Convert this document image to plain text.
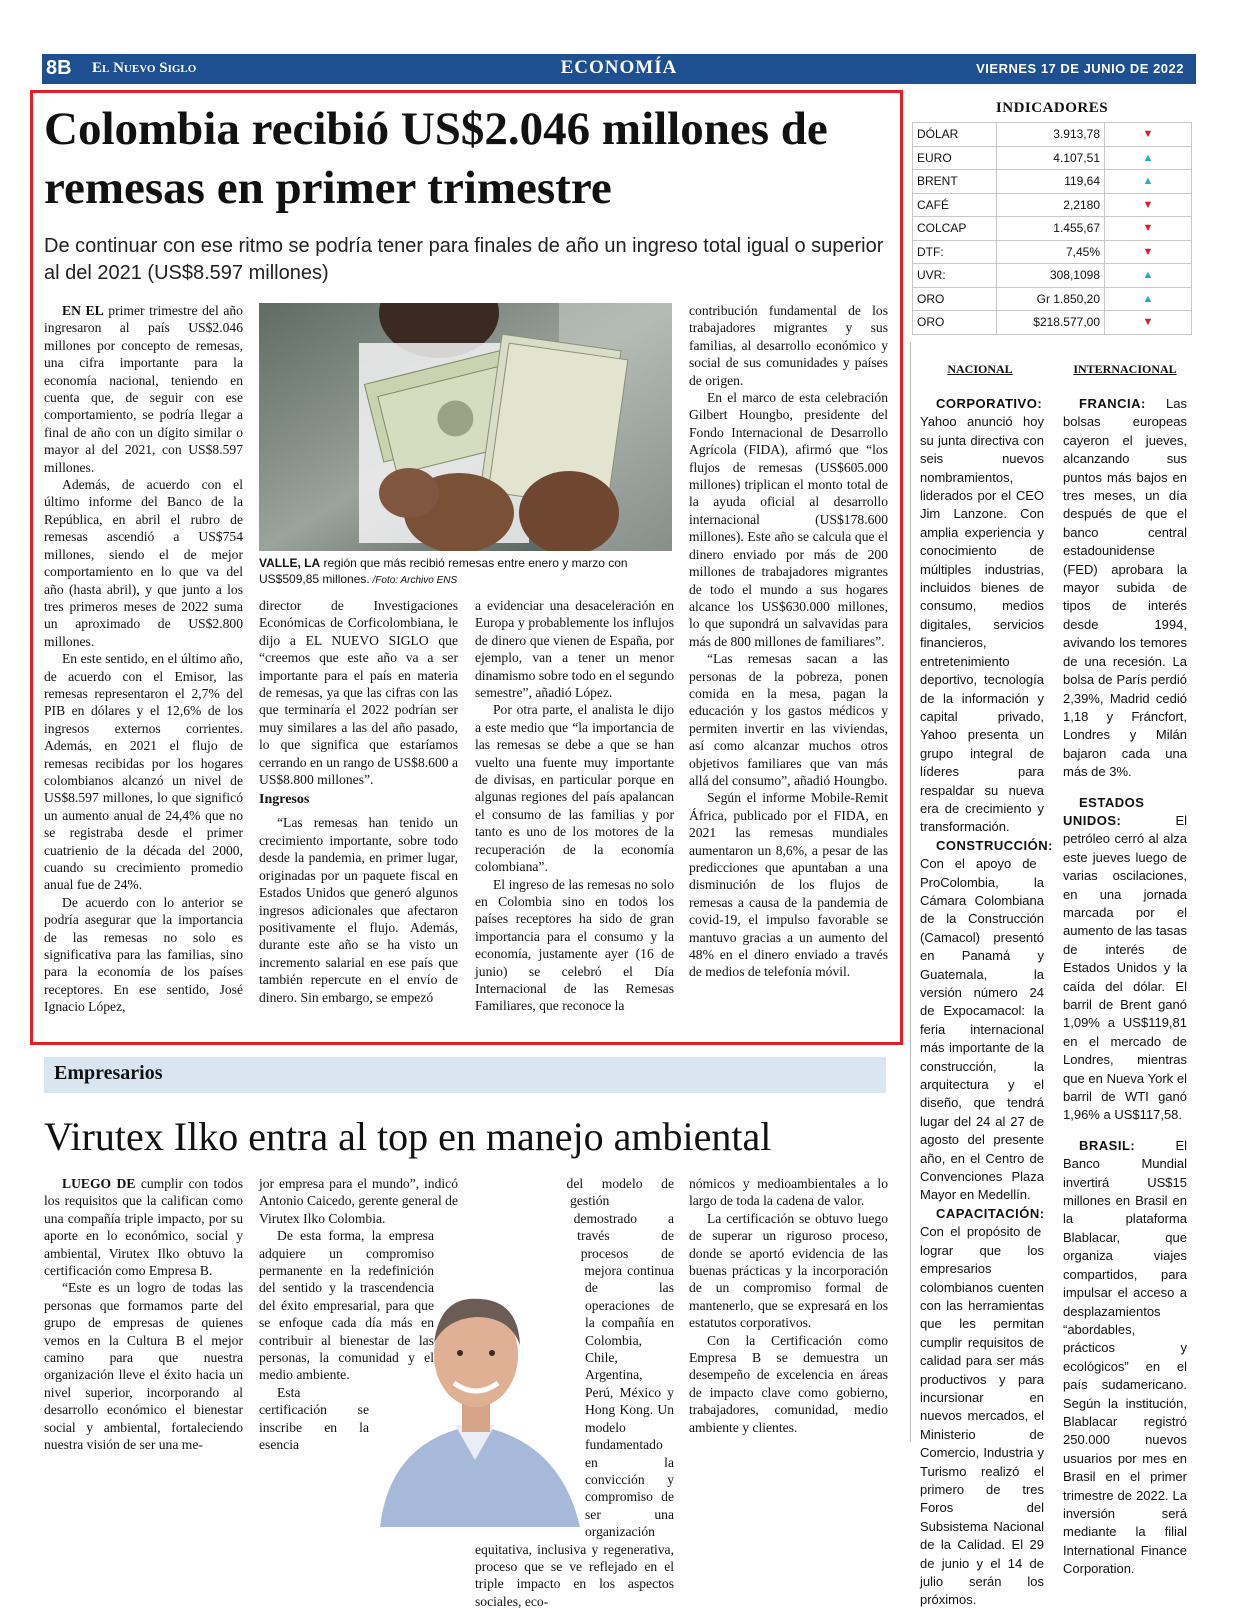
8B El Nuevo Siglo	ECONOMÍA	VIERNES 17 DE JUNIO DE 2022
Colombia recibió US$2.046 millones de remesas en primer trimestre
De continuar con ese ritmo se podría tener para finales de año un ingreso total igual o superior al del 2021 (US$8.597 millones)

EN EL primer trimestre del año ingresaron al país US$2.046 millones por concepto de remesas, una cifra importante para la economía nacional, teniendo en cuenta que, de seguir con ese comportamiento, se podría llegar a final de año con un dígito similar o mayor al del 2021, con US$8.597 millones.

Además, de acuerdo con el último informe del Banco de la República, en abril el rubro de remesas ascendió a US$754 millones, siendo el de mejor comportamiento en lo que va del año (hasta abril), y que junto a los tres primeros meses de 2022 suma un aproximado de US$2.800 millones.

En este sentido, en el último año, de acuerdo con el Emisor, las remesas representaron el 2,7% del PIB en dólares y el 12,6% de los ingresos externos corrientes. Además, en 2021 el flujo de remesas recibidas por los hogares colombianos alcanzó un nivel de US$8.597 millones, lo que significó un aumento anual de 24,4% que no se registraba desde el primer cuatrienio de la década del 2000, cuando su crecimiento promedio anual fue de 24%.

De acuerdo con lo anterior se podría asegurar que la importancia de las remesas no solo es significativa para las familias, sino para la economía de los países receptores. En ese sentido, José Ignacio López,

VALLE, LA región que más recibió remesas entre enero y marzo con US$509,85 millones. /Foto: Archivo ENS

director de Investigaciones Económicas de Corficolombiana, le dijo a EL NUEVO SIGLO que “creemos que este año va a ser importante para el país en materia de remesas, ya que las cifras con las que terminaría el 2022 podrían ser muy similares a las del año pasado, lo que significa que estaríamos cerrando en un rango de US$8.600 a US$8.800 millones”.

Ingresos

“Las remesas han tenido un crecimiento importante, sobre todo desde la pandemia, en primer lugar, originadas por un paquete fiscal en Estados Unidos que generó algunos ingresos adicionales que afectaron positivamente el flujo. Además, durante este año se ha visto un incremento salarial en ese país que también repercute en el envío de dinero. Sin embargo, se empezó

a evidenciar una desaceleración en Europa y probablemente los influjos de dinero que vienen de España, por ejemplo, van a tener un menor dinamismo sobre todo en el segundo semestre”, añadió López.

Por otra parte, el analista le dijo a este medio que “la importancia de las remesas se debe a que se han vuelto una fuente muy importante de divisas, en particular porque en algunas regiones del país apalancan el consumo de las familias y por tanto es uno de los motores de la recuperación de la economía colombiana”.

El ingreso de las remesas no solo en Colombia sino en todos los países receptores ha sido de gran importancia para el consumo y la economía, justamente ayer (16 de junio) se celebró el Día Internacional de las Remesas Familiares, que reconoce la

contribución fundamental de los trabajadores migrantes y sus familias, al desarrollo económico y social de sus comunidades y países de origen.

En el marco de esta celebración Gilbert Houngbo, presidente del Fondo Internacional de Desarrollo Agrícola (FIDA), afirmó que “los flujos de remesas (US$605.000 millones) triplican el monto total de la ayuda oficial al desarrollo internacional (US$178.600 millones). Este año se calcula que el dinero enviado por más de 200 millones de trabajadores migrantes de todo el mundo a sus hogares alcance los US$630.000 millones, lo que supondrá un salvavidas para más de 800 millones de familiares”.

“Las remesas sacan a las personas de la pobreza, ponen comida en la mesa, pagan la educación y los gastos médicos y permiten invertir en las viviendas, así como alcanzar muchos otros objetivos familiares que van más allá del consumo”, añadió Houngbo.

Según el informe Mobile-Remit África, publicado por el FIDA, en 2021 las remesas mundiales aumentaron un 8,6%, a pesar de las predicciones que apuntaban a una disminución de los flujos de remesas a causa de la pandemia de covid-19, el impulso favorable se mantuvo gracias a un aumento del 48% en el dinero enviado a través de medios de telefonía móvil.

INDICADORES
DÓLAR	3.913,78	▼
EURO	4.107,51	▲
BRENT	119,64	▲
CAFÉ	2,2180	▼
COLCAP	1.455,67	▼
DTF:	7,45%	▼
UVR:	308,1098	▲
ORO	Gr 1.850,20	▲
ORO	$218.577,00	▼
NACIONAL

CORPORATIVO: Yahoo anunció hoy su junta directiva con seis nuevos nombramientos, liderados por el CEO Jim Lanzone. Con amplia experiencia y conocimiento de múltiples industrias, incluidos bienes de consumo, medios digitales, servicios financieros, entretenimiento deportivo, tecnología de la información y capital privado, Yahoo presenta un grupo integral de líderes para respaldar su nueva era de crecimiento y transformación.

CONSTRUCCIÓN: Con el apoyo de ProColombia, la Cámara Colombiana de la Construcción (Camacol) presentó en Panamá y Guatemala, la versión número 24 de Expocamacol: la feria internacional más importante de la construcción, la arquitectura y el diseño, que tendrá lugar del 24 al 27 de agosto del presente año, en el Centro de Convenciones Plaza Mayor en Medellín.

CAPACITACIÓN: Con el propósito de lograr que los empresarios colombianos cuenten con las herramientas que les permitan cumplir requisitos de calidad para ser más productivos y para incursionar en nuevos mercados, el Ministerio de Comercio, Industria y Turismo realizó el primero de tres Foros del Subsistema Nacional de la Calidad. El 29 de junio y el 14 de julio serán los próximos.

INTERNACIONAL

FRANCIA: Las bolsas europeas cayeron el jueves, alcanzando sus puntos más bajos en tres meses, un día después de que el banco central estadounidense (FED) aprobara la mayor subida de tipos de interés desde 1994, avivando los temores de una recesión. La bolsa de París perdió 2,39%, Madrid cedió 1,18 y Fráncfort, Londres y Milán bajaron cada una más de 3%.

ESTADOS UNIDOS: El petróleo cerró al alza este jueves luego de varias oscilaciones, en una jornada marcada por el aumento de las tasas de interés de Estados Unidos y la caída del dólar. El barril de Brent ganó 1,09% a US$119,81 en el mercado de Londres, mientras que en Nueva York el barril de WTI ganó 1,96% a US$117,58.

BRASIL: El Banco Mundial invertirá US$15 millones en Brasil en la plataforma Blablacar, que organiza viajes compartidos, para impulsar el acceso a desplazamientos “abordables, prácticos y ecológicos” en el país sudamericano. Según la institución, Blablacar registró 250.000 nuevos usuarios por mes en Brasil en el primer trimestre de 2022. La inversión será mediante la filial International Finance Corporation.

Empresarios
Virutex Ilko entra al top en manejo ambiental

LUEGO DE cumplir con todos los requisitos que la califican como una compañía triple impacto, por su aporte en lo económico, social y ambiental, Virutex Ilko obtuvo la certificación como Empresa B.

“Este es un logro de todas las personas que formamos parte del grupo de empresas de quienes vemos en la Cultura B el mejor camino para que nuestra organización lleve el éxito hacia un nivel superior, incorporando al desarrollo económico el bienestar social y ambiental, fortaleciendo nuestra visión de ser una me-

jor empresa para el mundo”, indicó Antonio Caicedo, gerente general de Virutex Ilko Colombia.

De esta forma, la empresa adquiere un compromiso permanente en la redefinición del sentido y la trascendencia del éxito empresarial, para que se enfoque cada día más en contribuir al bienestar de las personas, la comunidad y el medio ambiente.

Esta certificación se inscribe en la esencia

del modelo de gestión demostrado a través de procesos de mejora continua de las operaciones de la compañía en Colombia, Chile, Argentina, Perú, México y Hong Kong. Un modelo fundamentado en la convicción y compromiso de ser una organización equitativa, inclusiva y regenerativa, proceso que se ve reflejado en el triple impacto en los aspectos sociales, eco-

nómicos y medioambientales a lo largo de toda la cadena de valor.

La certificación se obtuvo luego de superar un riguroso proceso, donde se aportó evidencia de las buenas prácticas y la incorporación de un compromiso formal de mantenerlo, que se expresará en los estatutos corporativos.

Con la Certificación como Empresa B se demuestra un desempeño de excelencia en áreas de impacto clave como gobierno, trabajadores, comunidad, medio ambiente y clientes.
